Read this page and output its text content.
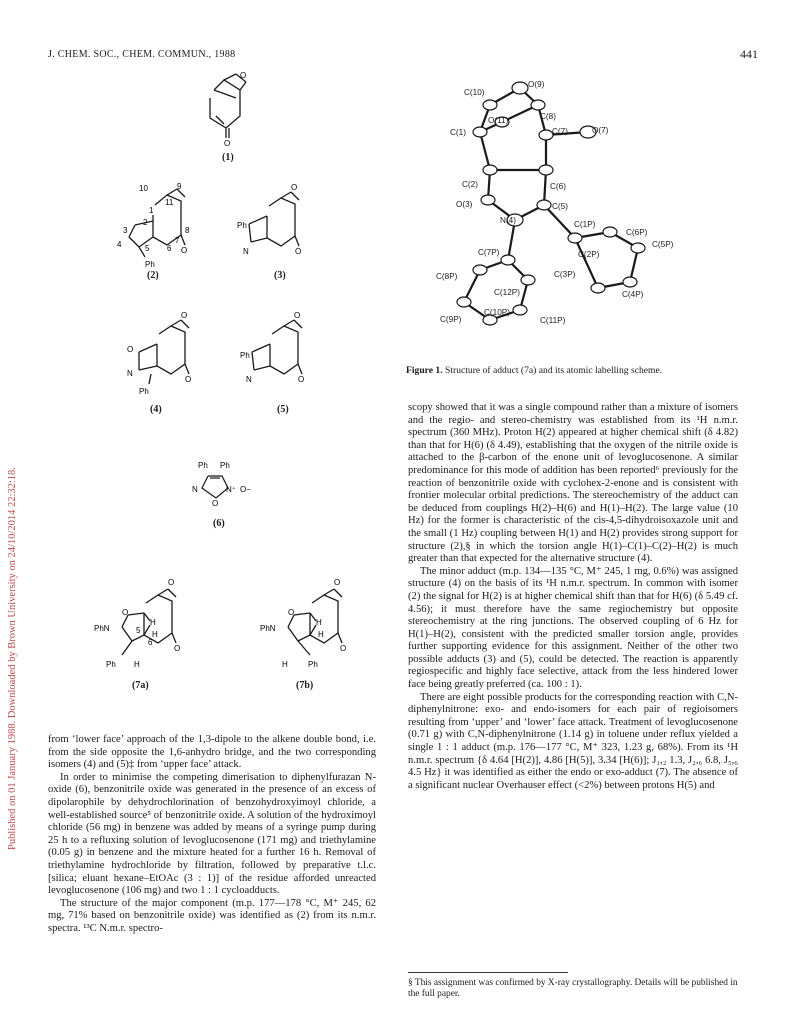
Published on 01 January 1988. Downloaded by Brown University on 24/10/2014 22:32:18.
J. CHEM. SOC., CHEM. COMMUN., 1988	441
O
O
(1)
10	9
11
1
2
8
3
4	5 6
7
O
Ph
(2)
O
Ph
N	O
(3)
O
O
N
Ph
O
(4)
O
Ph
N	O
(5)
Ph Ph
N	N⁺ O−
O
(6)
O
O
PhN
H
H
5
6
O
Ph H
(7a)
O
O
PhN
H
H
O
H	Ph
(7b)
C(10)
O(9)
O(11)	C(8)
C(1)	C(7)	O(7)
C(2)	C(6)
O(3)	C(5)
N(4)	C(1P)
C(6P)
C(5P)
C(7P)	C(2P)
C(8P)	C(3P)
C(12P)	C(4P)
C(9P)
C(10P)
C(11P)
Figure 1. Structure of adduct (7a) and its atomic labelling scheme.

from ‘lower face’ approach of the 1,3-dipole to the alkene double bond, i.e. from the side opposite the 1,6-anhydro bridge, and the two corresponding isomers (4) and (5)‡ from ‘upper face’ attack.

In order to minimise the competing dimerisation to diphenylfurazan N-oxide (6), benzonitrile oxide was generated in the presence of an excess of dipolarophile by dehydrochlorination of benzohydroxyimoyl chloride, a well-established source⁵ of benzonitrile oxide. A solution of the hydroximoyl chloride (56 mg) in benzene was added by means of a syringe pump during 25 h to a refluxing solution of levoglucosenone (171 mg) and triethylamine (0.05 g) in benzene and the mixture heated for a further 16 h. Removal of triethylamine hydrochloride by filtration, followed by preparative t.l.c. [silica; eluant hexane–EtOAc (3 : 1)] of the residue afforded unreacted levoglucosenone (106 mg) and two 1 : 1 cycloadducts.

The structure of the major component (m.p. 177—178 °C, M⁺ 245, 62 mg, 71% based on benzonitrile oxide) was identified as (2) from its n.m.r. spectra. ¹³C N.m.r. spectro-

scopy showed that it was a single compound rather than a mixture of isomers and the regio- and stereo-chemistry was established from its ¹H n.m.r. spectrum (360 MHz). Proton H(2) appeared at higher chemical shift (δ 4.82) than that for H(6) (δ 4.49), establishing that the oxygen of the nitrile oxide is attached to the β-carbon of the enone unit of levoglucosenone. A similar predominance for this mode of addition has been reported⁶ previously for the reaction of benzonitrile oxide with cyclohex-2-enone and is consistent with frontier molecular orbital predictions. The stereochemistry of the adduct can be deduced from couplings H(2)–H(6) and H(1)–H(2). The large value (10 Hz) for the former is characteristic of the cis-4,5-dihydroisoxazole unit and the small (1 Hz) coupling between H(1) and H(2) provides strong support for structure (2),§ in which the torsion angle H(1)–C(1)–C(2)–H(2) is much greater than that expected for the alternative structure (4).

The minor adduct (m.p. 134—135 °C, M⁺ 245, 1 mg, 0.6%) was assigned structure (4) on the basis of its ¹H n.m.r. spectrum. In common with isomer (2) the signal for H(2) is at higher chemical shift than that for H(6) (δ 5.49 cf. 4.56); it must therefore have the same regiochemistry but opposite stereochemistry at the ring junctions. The observed coupling of 6 Hz for H(1)–H(2), consistent with the predicted smaller torsion angle, provides further supporting evidence for this assignment. Neither of the other two possible adducts (3) and (5), could be detected. The reaction is apparently regiospecific and highly face selective, attack from the less hindered lower face being greatly preferred (ca. 100 : 1).

There are eight possible products for the corresponding reaction with C,N-diphenylnitrone: exo- and endo-isomers for each pair of regioisomers resulting from ‘upper’ and ‘lower’ face attack. Treatment of levoglucosenone (0.71 g) with C,N-diphenylnitrone (1.14 g) in toluene under reflux yielded a single 1 : 1 adduct (m.p. 176—177 °C, M⁺ 323, 1.23 g, 68%). From its ¹H n.m.r. spectrum {δ 4.64 [H(2)], 4.86 [H(5)], 3.34 [H(6)]; J₁,₂ 1.3, J₂,₆ 6.8, J₅,₆ 4.5 Hz} it was identified as either the endo or exo-adduct (7). The absence of a significant nuclear Overhauser effect (<2%) between protons H(5) and

§ This assignment was confirmed by X-ray crystallography. Details will be published in the full paper.
